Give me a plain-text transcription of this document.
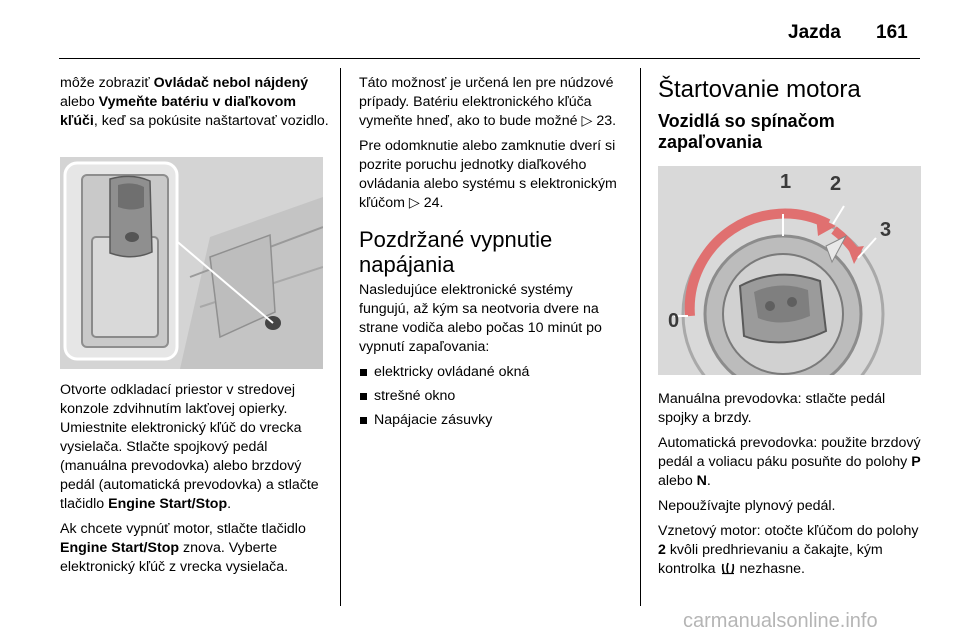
Jazda 161

môže zobraziť Ovládač nebol nájdený alebo Vymeňte batériu v diaľkovom kľúči, keď sa pokúsite naštartovať vozidlo.

Otvorte odkladací priestor v stredovej konzole zdvihnutím lakťovej opierky. Umiestnite elektronický kľúč do vrecka vysielača. Stlačte spojkový pedál (manuálna prevodovka) alebo brzdový pedál (automatická prevodovka) a stlačte tlačidlo Engine Start/Stop.

Ak chcete vypnúť motor, stlačte tlačidlo Engine Start/Stop znova. Vyberte elektronický kľúč z vrecka vysielača.

Táto možnosť je určená len pre núdzové prípady. Batériu elektronického kľúča vymeňte hneď, ako to bude možné ▷ 23.

Pre odomknutie alebo zamknutie dverí si pozrite poruchu jednotky diaľkového ovládania alebo systému s elektronickým kľúčom ▷ 24.

Pozdržané vypnutie napájania

Nasledujúce elektronické systémy fungujú, až kým sa neotvoria dvere na strane vodiča alebo počas 10 minút po vypnutí zapaľovania:

elektricky ovládané okná
strešné okno
Napájacie zásuvky
Štartovanie motora
Vozidlá so spínačom zapaľovania
0
1 2
3

Manuálna prevodovka: stlačte pedál spojky a brzdy.

Automatická prevodovka: použite brzdový pedál a voliacu páku posuňte do polohy P alebo N.

Nepoužívajte plynový pedál.

Vznetový motor: otočte kľúčom do polohy 2 kvôli predhrievaniu a čakajte, kým kontrolka  nezhasne.

carmanualsonline.info
